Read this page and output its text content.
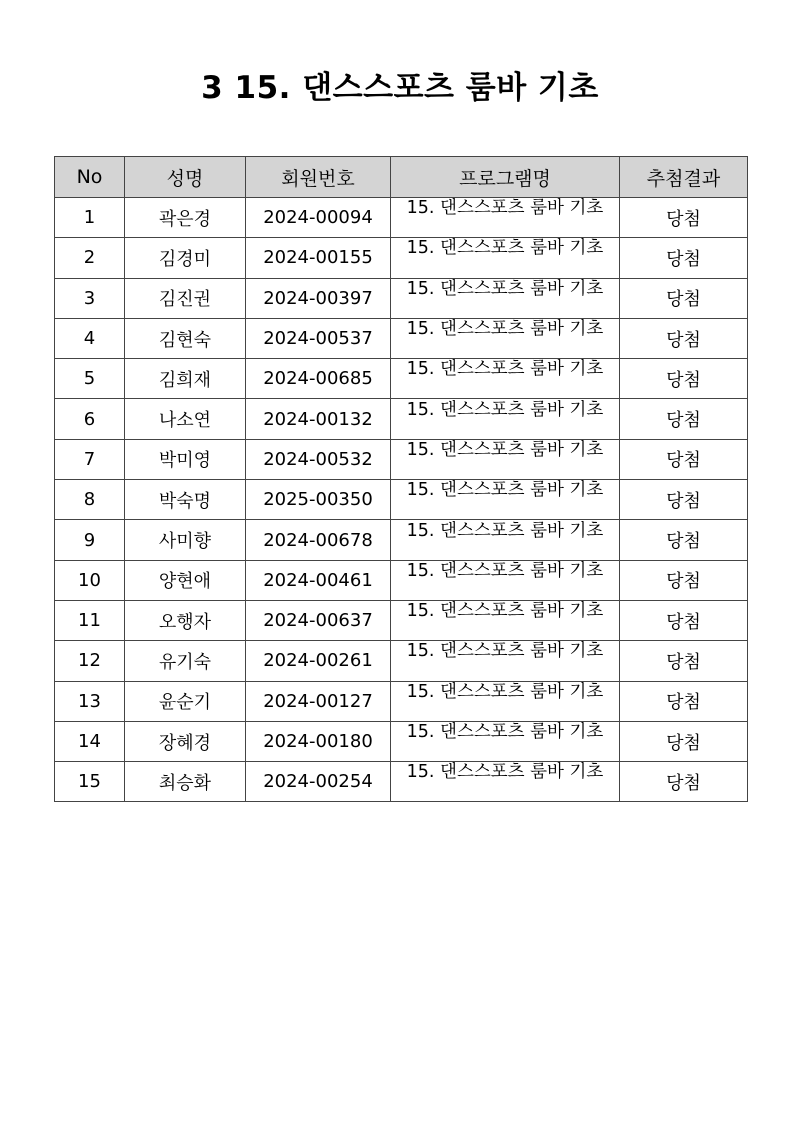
3 15. 댄스스포츠 룸바 기초
No	성명	회원번호	프로그램명	추첨결과
1	곽은경	2024-00094	15. 댄스스포츠 룸바 기초	당첨
2	김경미	2024-00155	15. 댄스스포츠 룸바 기초	당첨
3	김진권	2024-00397	15. 댄스스포츠 룸바 기초	당첨
4	김현숙	2024-00537	15. 댄스스포츠 룸바 기초	당첨
5	김희재	2024-00685	15. 댄스스포츠 룸바 기초	당첨
6	나소연	2024-00132	15. 댄스스포츠 룸바 기초	당첨
7	박미영	2024-00532	15. 댄스스포츠 룸바 기초	당첨
8	박숙명	2025-00350	15. 댄스스포츠 룸바 기초	당첨
9	사미향	2024-00678	15. 댄스스포츠 룸바 기초	당첨
10	양현애	2024-00461	15. 댄스스포츠 룸바 기초	당첨
11	오행자	2024-00637	15. 댄스스포츠 룸바 기초	당첨
12	유기숙	2024-00261	15. 댄스스포츠 룸바 기초	당첨
13	윤순기	2024-00127	15. 댄스스포츠 룸바 기초	당첨
14	장혜경	2024-00180	15. 댄스스포츠 룸바 기초	당첨
15	최승화	2024-00254	15. 댄스스포츠 룸바 기초	당첨
